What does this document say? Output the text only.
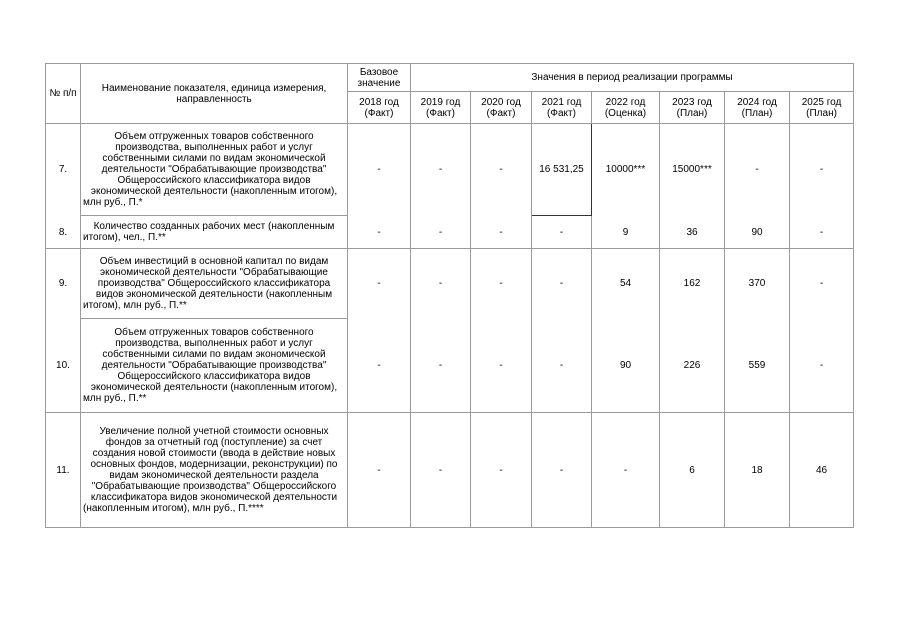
№ п/п	Наименование показателя, единица измерения, направленность	Базовое значение	Значения в период реализации программы						
		2018 год (Факт)	2019 год (Факт)	2020 год (Факт)	2021 год (Факт)	2022 год (Оценка)	2023 год (План)	2024 год (План)	2025 год (План)
7.	Объем отгруженных товаров собственного производства, выполненных работ и услуг собственными силами по видам экономической деятельности "Обрабатывающие производства" Общероссийского классификатора видов экономической деятельности (накопленным итогом), млн руб., П.*	-	-	-	16 531,25	10000***	15000***	-	-
8.	Количество созданных рабочих мест (накопленным итогом), чел., П.**	-	-	-	-	9	36	90	-
9.	Объем инвестиций в основной капитал по видам экономической деятельности "Обрабатывающие производства" Общероссийского классификатора видов экономической деятельности (накопленным итогом), млн руб., П.**	-	-	-	-	54	162	370	-
10.	Объем отгруженных товаров собственного производства, выполненных работ и услуг собственными силами по видам экономической деятельности "Обрабатывающие производства" Общероссийского классификатора видов экономической деятельности (накопленным итогом), млн руб., П.**	-	-	-	-	90	226	559	-
11.	Увеличение полной учетной стоимости основных фондов за отчетный год (поступление) за счет создания новой стоимости (ввода в действие новых основных фондов, модернизации, реконструкции) по видам экономической деятельности раздела "Обрабатывающие производства" Общероссийского классификатора видов экономической деятельности (накопленным итогом), млн руб., П.****	-	-	-	-	-	6	18	46
